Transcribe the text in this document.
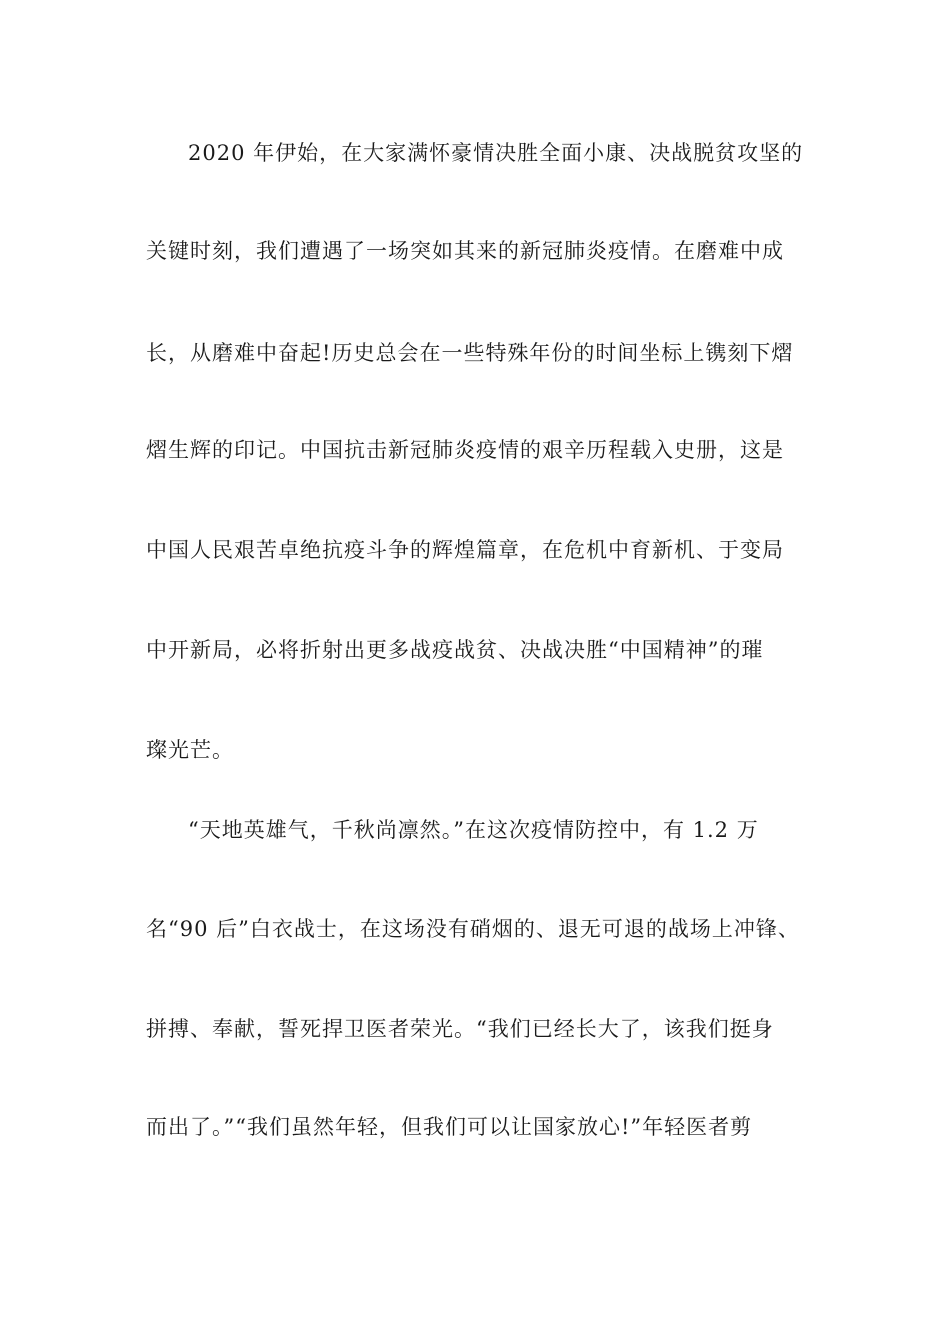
2020 年伊始，在大家满怀豪情决胜全面小康、决战脱贫攻坚的

关键时刻，我们遭遇了一场突如其来的新冠肺炎疫情。在磨难中成

长，从磨难中奋起!历史总会在一些特殊年份的时间坐标上镌刻下熠

熠生辉的印记。中国抗击新冠肺炎疫情的艰辛历程载入史册，这是

中国人民艰苦卓绝抗疫斗争的辉煌篇章，在危机中育新机、于变局

中开新局，必将折射出更多战疫战贫、决战决胜“中国精神”的璀

璨光芒。

“天地英雄气，千秋尚凛然。”在这次疫情防控中，有 1.2 万

名“90 后”白衣战士，在这场没有硝烟的、退无可退的战场上冲锋、

拼搏、奉献，誓死捍卫医者荣光。“我们已经长大了，该我们挺身

而出了。”“我们虽然年轻，但我们可以让国家放心!”年轻医者剪
